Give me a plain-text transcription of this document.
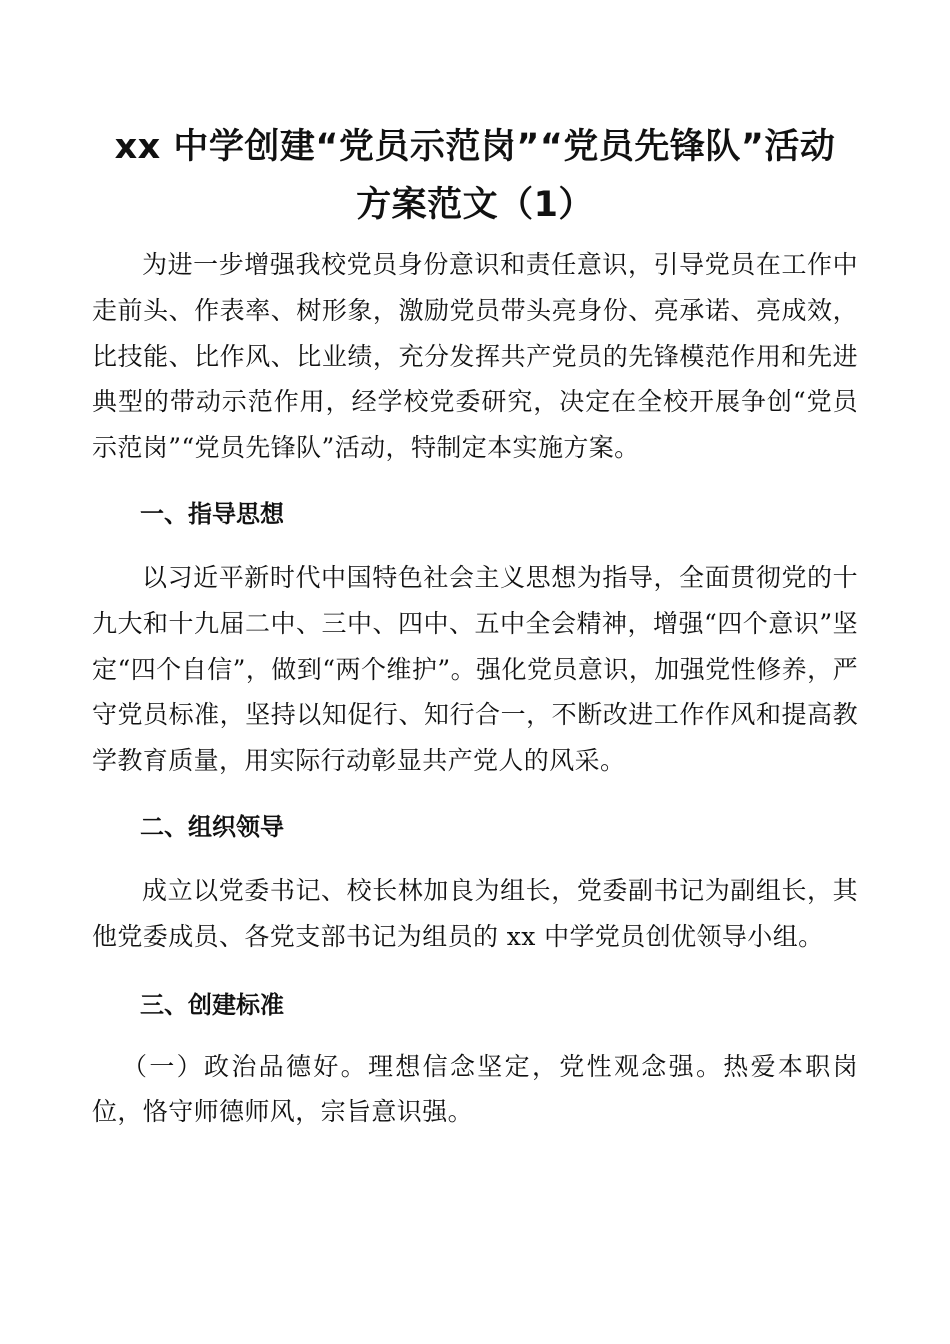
xx 中学创建“党员示范岗”“党员先锋队”活动
方案范文（1）

为进一步增强我校党员身份意识和责任意识，引导党员在工作中走前头、作表率、树形象，激励党员带头亮身份、亮承诺、亮成效，比技能、比作风、比业绩，充分发挥共产党员的先锋模范作用和先进典型的带动示范作用，经学校党委研究，决定在全校开展争创“党员示范岗”“党员先锋队”活动，特制定本实施方案。

一、指导思想

以习近平新时代中国特色社会主义思想为指导，全面贯彻党的十九大和十九届二中、三中、四中、五中全会精神，增强“四个意识”坚定“四个自信”，做到“两个维护”。强化党员意识，加强党性修养，严守党员标准，坚持以知促行、知行合一，不断改进工作作风和提高教学教育质量，用实际行动彰显共产党人的风采。

二、组织领导

成立以党委书记、校长林加良为组长，党委副书记为副组长，其他党委成员、各党支部书记为组员的 xx 中学党员创优领导小组。

三、创建标准

（一）政治品德好。理想信念坚定，党性观念强。热爱本职岗位，恪守师德师风，宗旨意识强。
